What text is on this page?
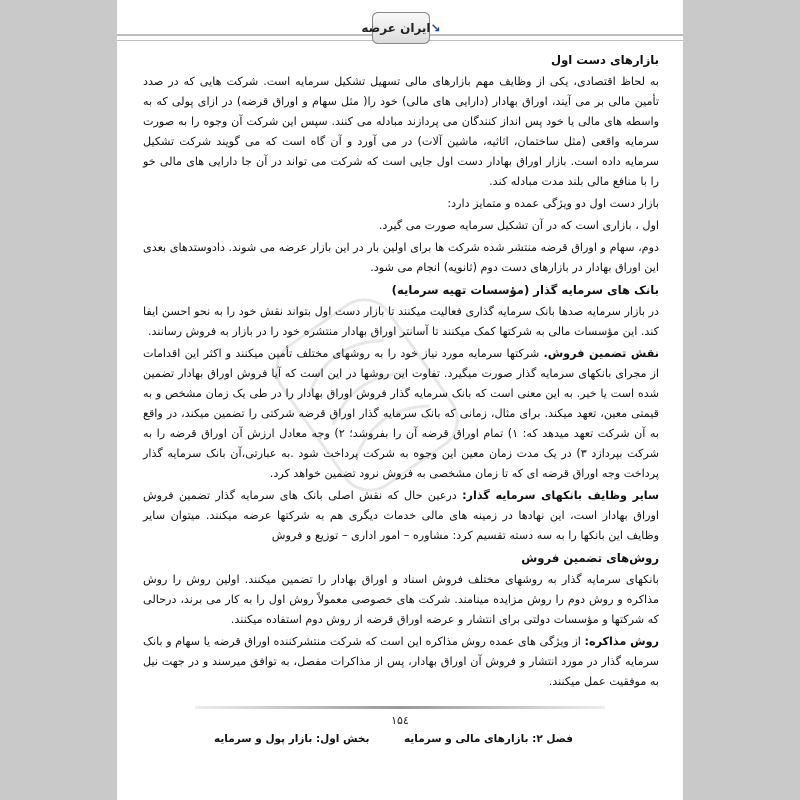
↘
ایران عرضه
بازارهای دست اول

به لحاظ اقتصادی، یکی از وظایف مهم بازارهای مالی تسهیل تشکیل سرمایه است. شرکت هایی که در صدد تأمین مالی بر می آیند، اوراق بهادار (دارایی های مالی) خود را( مثل سهام و اوراق قرضه) در ازای پولی که به واسطه های مالی یا خود پس انداز کنندگان می پردازند مبادله می کنند. سپس این شرکت آن وجوه را به صورت سرمایه واقعی (مثل ساختمان، اثاثیه، ماشین آلات) در می آورد و آن گاه است که می گویند شرکت تشکیل سرمایه داده است. بازار اوراق بهادار دست اول جایی است که شرکت می تواند در آن جا دارایی های مالی خو را با منافع مالی بلند مدت مبادله کند.

بازار دست اول دو ویژگی عمده و متمایز دارد:

اول ، بازاری است که در آن تشکیل سرمایه صورت می گیرد.

دوم، سهام و اوراق قرضه منتشر شده شرکت ها برای اولین بار در این بازار عرضه می شوند. دادوستدهای بعدی این اوراق بهادار در بازارهای دست دوم (ثانویه) انجام می شود.

بانک های سرمایه گذار (مؤسسات تهیه سرمایه)

در بازار سرمایه صدها بانک سرمایه گذاری فعالیت میکنند تا بازار دست اول بتواند نقش خود را به نحو احسن ایفا کند. این مؤسسات مالی به شرکتها کمک میکنند تا آسانتر اوراق بهادار منتشره خود را در بازار به فروش رسانند.

نقش تضمین فروش. شرکتها سرمایه مورد نیاز خود را به روشهای مختلف تأمین میکنند و اکثر این اقدامات از مجرای بانکهای سرمایه گذار صورت میگیرد. تفاوت این روشها در این است که آیا فروش اوراق بهادار تضمین شده است یا خیر. به این معنی است که بانک سرمایه گذار فروش اوراق بهادار را در طی یک زمان مشخص و به قیمتی معین، تعهد میکند. برای مثال، زمانی که بانک سرمایه گذار اوراق قرضه شرکتی را تضمین میکند، در واقع به آن شرکت تعهد میدهد که: ۱) تمام اوراق قرضه آن را بفروشد؛ ۲) وجه معادل ارزش آن اوراق قرضه را به شرکت بپردازد ۳) در یک مدت زمان معین این وجوه به شرکت پرداخت شود .به عبارتی،آن بانک سرمایه گذار پرداخت وجه اوراق قرضه ای که تا زمان مشخصی به فروش نرود تضمین خواهد کرد.

سایر وظایف بانکهای سرمایه گذار: درعین حال که نقش اصلی بانک های سرمایه گذار تضمین فروش اوراق بهادار است، این نهادها در زمینه های مالی خدمات دیگری هم به شرکتها عرضه میکنند. میتوان سایر وظایف این بانکها را به سه دسته تقسیم کرد: مشاوره – امور اداری – توزیع و فروش

روش‌های تضمین فروش

بانکهای سرمایه گذار به روشهای مختلف فروش اسناد و اوراق بهادار را تضمین میکنند. اولین روش را روش مذاکره و روش دوم را روش مزایده مینامند. شرکت های خصوصی معمولاً روش اول را به کار می برند، درحالی که شرکتها و مؤسسات دولتی برای انتشار و عرضه اوراق قرضه از روش دوم استفاده میکنند.

روش مذاکره: از ویژگی های عمده روش مذاکره این است که شرکت منتشرکننده اوراق قرضه یا سهام و بانک سرمایه گذار در مورد انتشار و فروش آن اوراق بهادار، پس از مذاکرات مفصل، به توافق میرسند و در جهت نیل به موفقیت عمل میکنند.

۱۵٤
فصل ۲: بازارهای مالی و سرمایه
بخش اول: بازار پول و سرمایه
